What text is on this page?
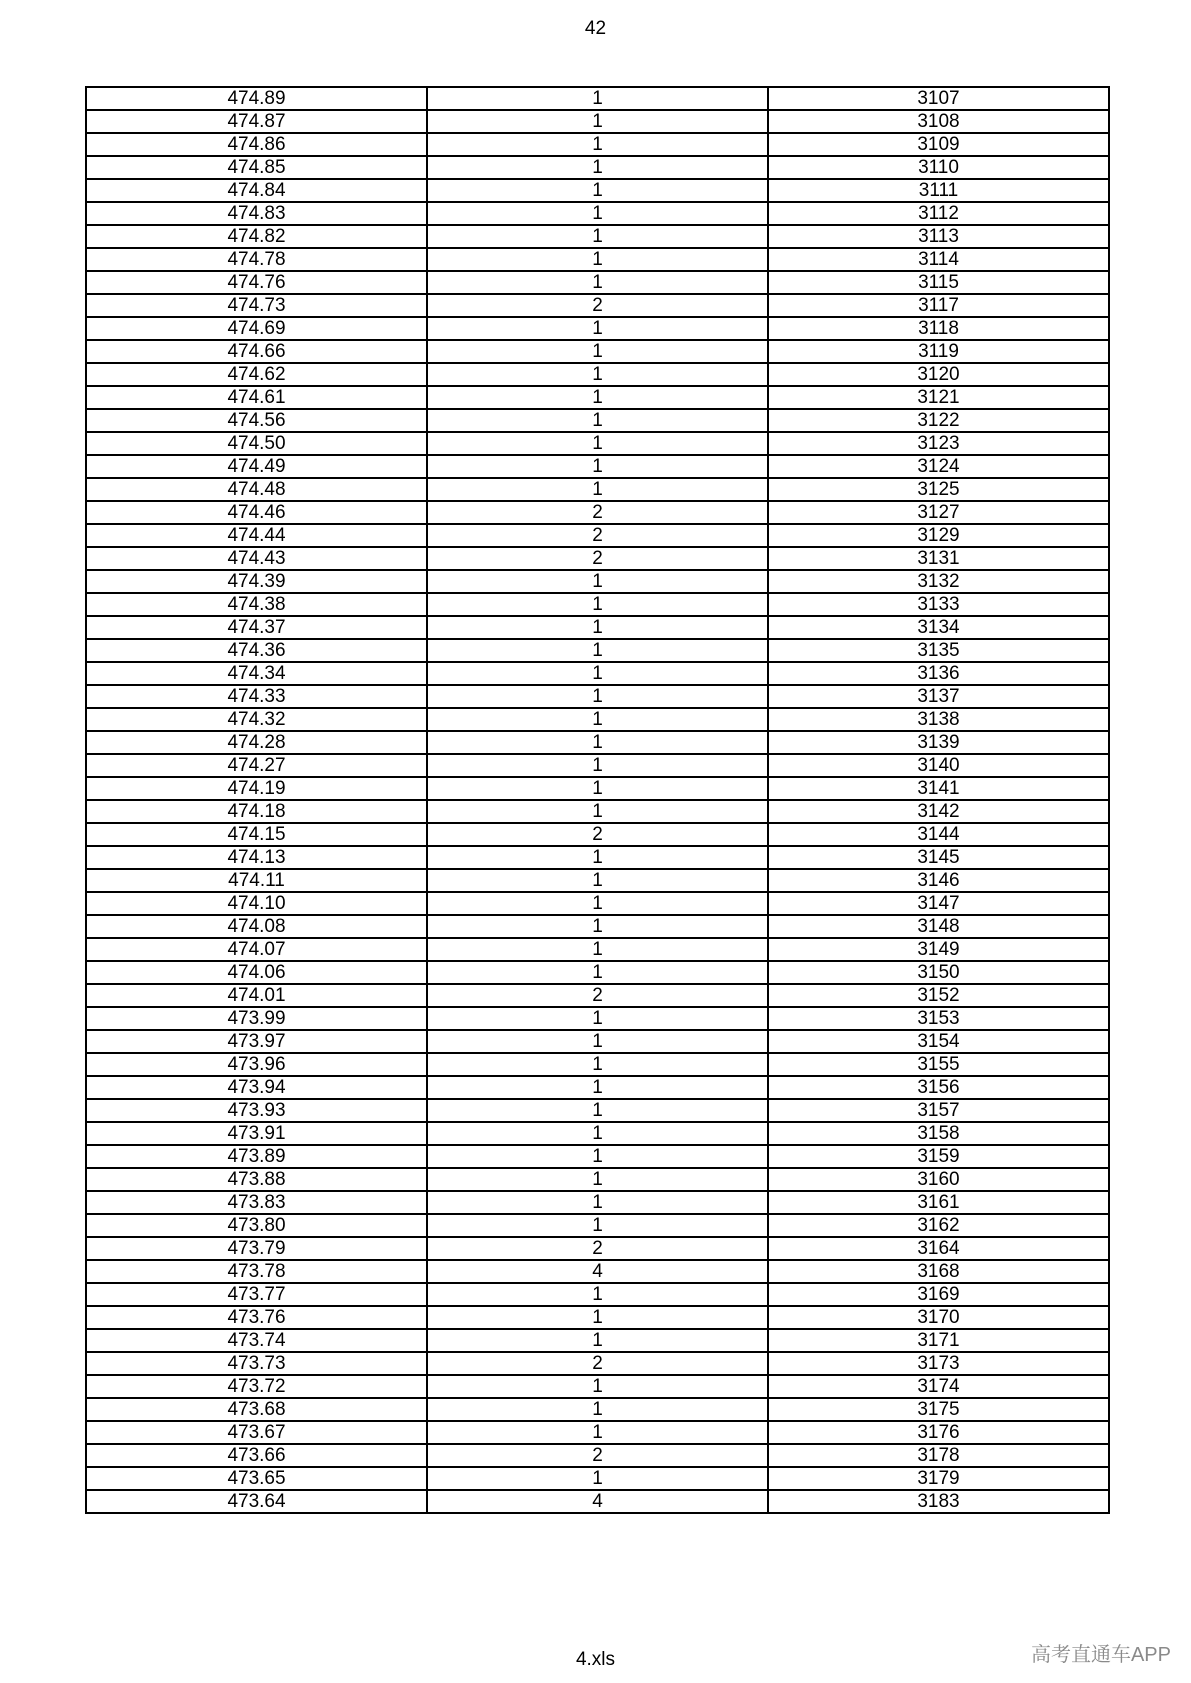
42
474.89	1	3107
474.87	1	3108
474.86	1	3109
474.85	1	3110
474.84	1	3111
474.83	1	3112
474.82	1	3113
474.78	1	3114
474.76	1	3115
474.73	2	3117
474.69	1	3118
474.66	1	3119
474.62	1	3120
474.61	1	3121
474.56	1	3122
474.50	1	3123
474.49	1	3124
474.48	1	3125
474.46	2	3127
474.44	2	3129
474.43	2	3131
474.39	1	3132
474.38	1	3133
474.37	1	3134
474.36	1	3135
474.34	1	3136
474.33	1	3137
474.32	1	3138
474.28	1	3139
474.27	1	3140
474.19	1	3141
474.18	1	3142
474.15	2	3144
474.13	1	3145
474.11	1	3146
474.10	1	3147
474.08	1	3148
474.07	1	3149
474.06	1	3150
474.01	2	3152
473.99	1	3153
473.97	1	3154
473.96	1	3155
473.94	1	3156
473.93	1	3157
473.91	1	3158
473.89	1	3159
473.88	1	3160
473.83	1	3161
473.80	1	3162
473.79	2	3164
473.78	4	3168
473.77	1	3169
473.76	1	3170
473.74	1	3171
473.73	2	3173
473.72	1	3174
473.68	1	3175
473.67	1	3176
473.66	2	3178
473.65	1	3179
473.64	4	3183
4.xls	高考直通车APP
